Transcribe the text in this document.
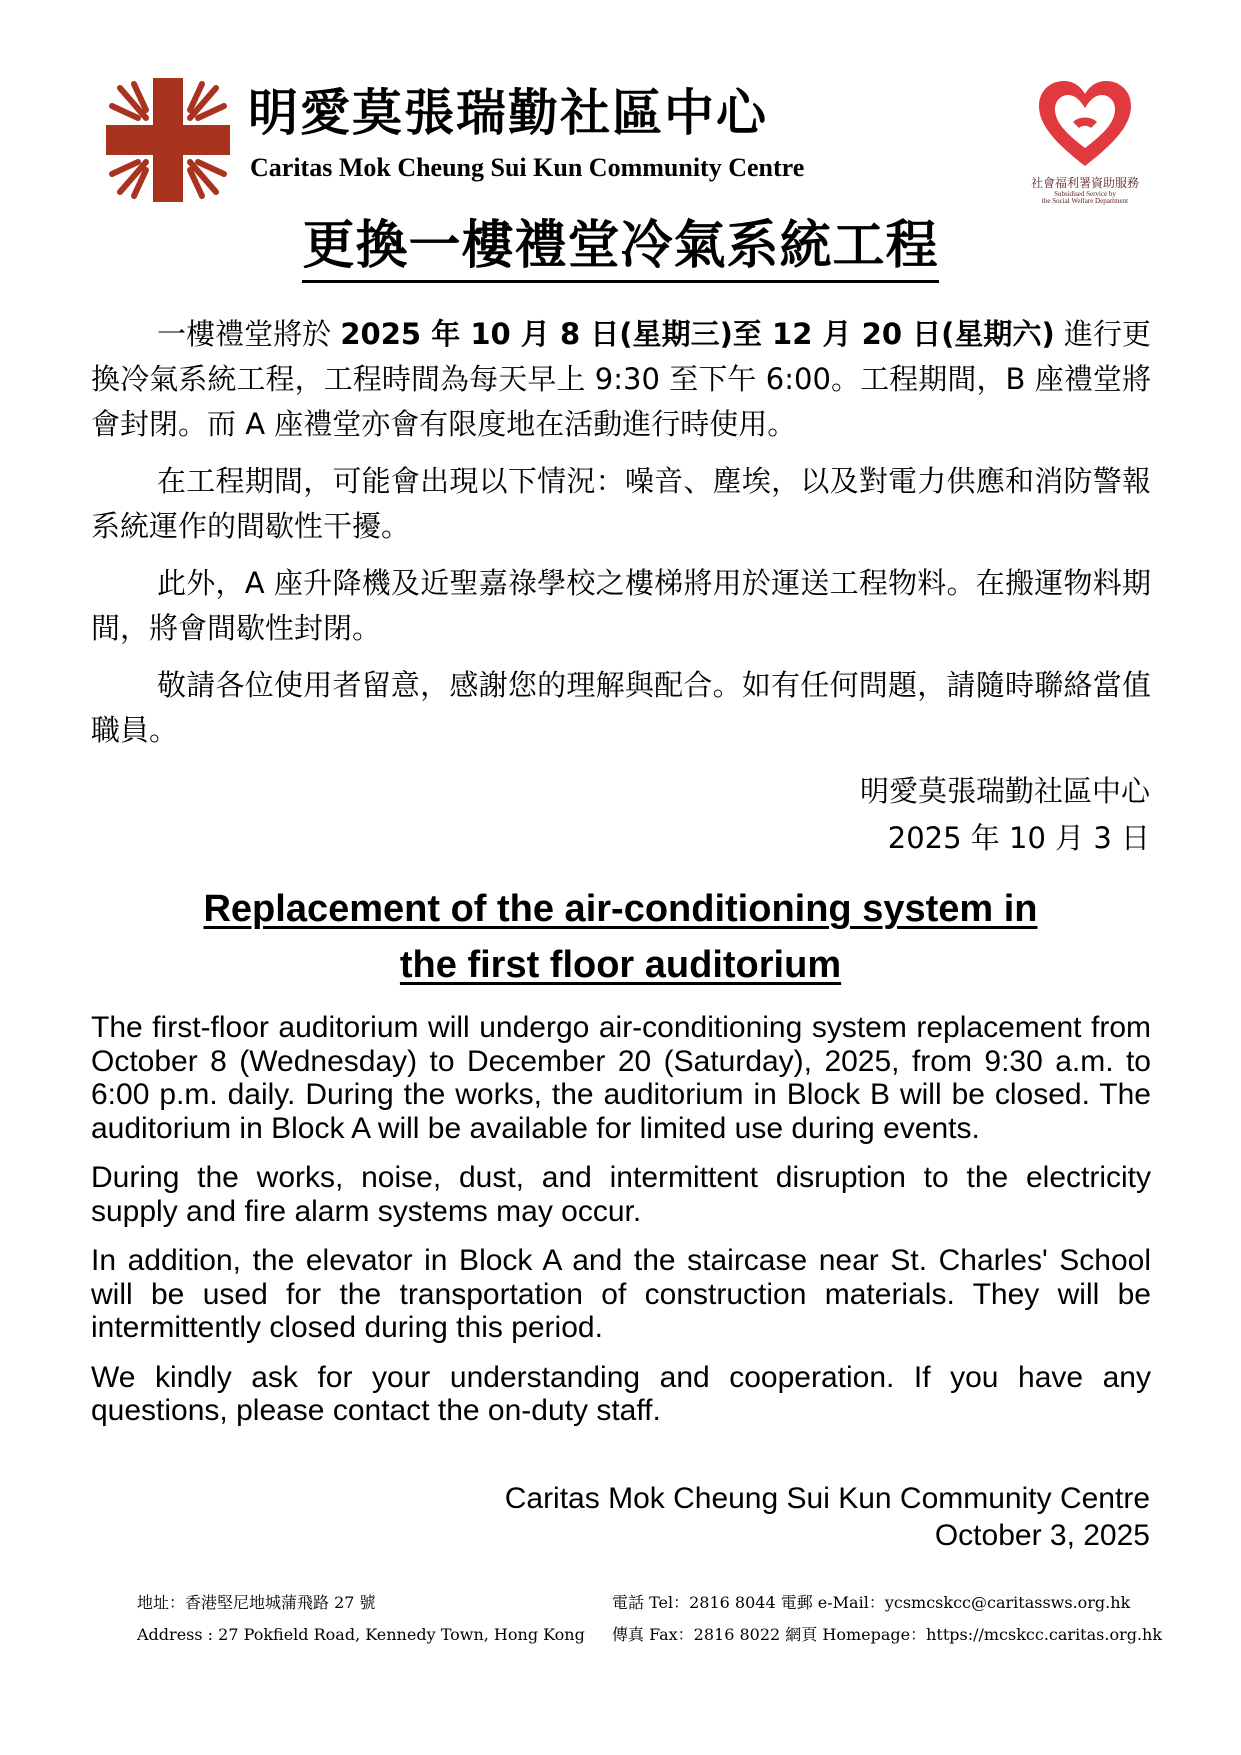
明愛莫張瑞勤社區中心
Caritas Mok Cheung Sui Kun Community Centre
社會福利署資助服務
Subsidised Service by
the Social Welfare Department
更換一樓禮堂冷氣系統工程

一樓禮堂將於 2025 年 10 月 8 日(星期三)至 12 月 20 日(星期六) 進行更換冷氣系統工程，工程時間為每天早上 9:30 至下午 6:00。工程期間，B 座禮堂將會封閉。而 A 座禮堂亦會有限度地在活動進行時使用。

在工程期間，可能會出現以下情況：噪音、塵埃，以及對電力供應和消防警報系統運作的間歇性干擾。

此外，A 座升降機及近聖嘉祿學校之樓梯將用於運送工程物料。在搬運物料期間，將會間歇性封閉。

敬請各位使用者留意，感謝您的理解與配合。如有任何問題，請隨時聯絡當值職員。

明愛莫張瑞勤社區中心
2025 年 10 月 3 日
Replacement of the air-conditioning system in
the first floor auditorium

The first-floor auditorium will undergo air-conditioning system replacement from October 8 (Wednesday) to December 20 (Saturday), 2025, from 9:30 a.m. to 6:00 p.m. daily. During the works, the auditorium in Block B will be closed. The auditorium in Block A will be available for limited use during events.

During the works, noise, dust, and intermittent disruption to the electricity supply and fire alarm systems may occur.

In addition, the elevator in Block A and the staircase near St. Charles' School will be used for the transportation of construction materials. They will be intermittently closed during this period.

We kindly ask for your understanding and cooperation. If you have any questions, please contact the on-duty staff.

Caritas Mok Cheung Sui Kun Community Centre
October 3, 2025
地址：香港堅尼地城蒲飛路 27 號
Address : 27 Pokfield Road, Kennedy Town, Hong Kong
電話 Tel：2816 8044 電郵 e-Mail：ycsmcskcc@caritassws.org.hk
傳真 Fax：2816 8022 網頁 Homepage：https://mcskcc.caritas.org.hk
